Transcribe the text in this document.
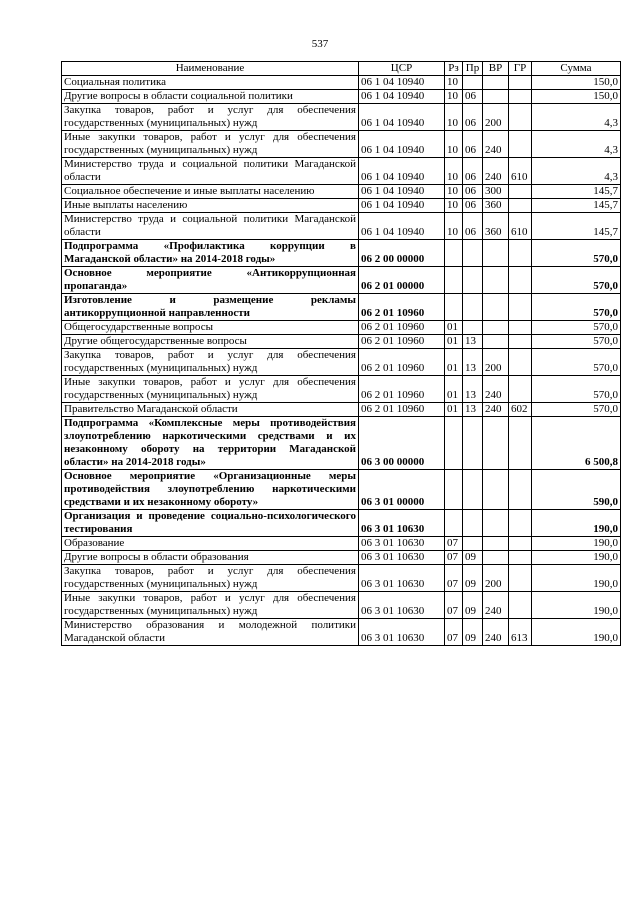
537
Наименование	ЦСР	Рз	Пр	ВР	ГР	Сумма
Социальная политика	06 1 04 10940	10				150,0
Другие вопросы в области социальной политики	06 1 04 10940	10	06			150,0
Закупка товаров, работ и услуг для обеспечения государственных (муниципальных) нужд	06 1 04 10940	10	06	200		4,3
Иные закупки товаров, работ и услуг для обеспечения государственных (муниципальных) нужд	06 1 04 10940	10	06	240		4,3
Министерство труда и социальной политики Магаданской области	06 1 04 10940	10	06	240	610	4,3
Социальное обеспечение и иные выплаты населению	06 1 04 10940	10	06	300		145,7
Иные выплаты населению	06 1 04 10940	10	06	360		145,7
Министерство труда и социальной политики Магаданской области	06 1 04 10940	10	06	360	610	145,7
Подпрограмма «Профилактика коррупции в Магаданской области» на 2014-2018 годы»	06 2 00 00000					570,0
Основное мероприятие «Антикоррупционная пропаганда»	06 2 01 00000					570,0
Изготовление и размещение рекламы антикоррупционной направленности	06 2 01 10960					570,0
Общегосударственные вопросы	06 2 01 10960	01				570,0
Другие общегосударственные вопросы	06 2 01 10960	01	13			570,0
Закупка товаров, работ и услуг для обеспечения государственных (муниципальных) нужд	06 2 01 10960	01	13	200		570,0
Иные закупки товаров, работ и услуг для обеспечения государственных (муниципальных) нужд	06 2 01 10960	01	13	240		570,0
Правительство Магаданской области	06 2 01 10960	01	13	240	602	570,0
Подпрограмма «Комплексные меры противодействия злоупотреблению наркотическими средствами и их незаконному обороту на территории Магаданской области» на 2014-2018 годы»	06 3 00 00000					6 500,8
Основное мероприятие «Организационные меры противодействия злоупотреблению наркотическими средствами и их незаконному обороту»	06 3 01 00000					590,0
Организация и проведение социально-психологического тестирования	06 3 01 10630					190,0
Образование	06 3 01 10630	07				190,0
Другие вопросы в области образования	06 3 01 10630	07	09			190,0
Закупка товаров, работ и услуг для обеспечения государственных (муниципальных) нужд	06 3 01 10630	07	09	200		190,0
Иные закупки товаров, работ и услуг для обеспечения государственных (муниципальных) нужд	06 3 01 10630	07	09	240		190,0
Министерство образования и молодежной политики Магаданской области	06 3 01 10630	07	09	240	613	190,0
